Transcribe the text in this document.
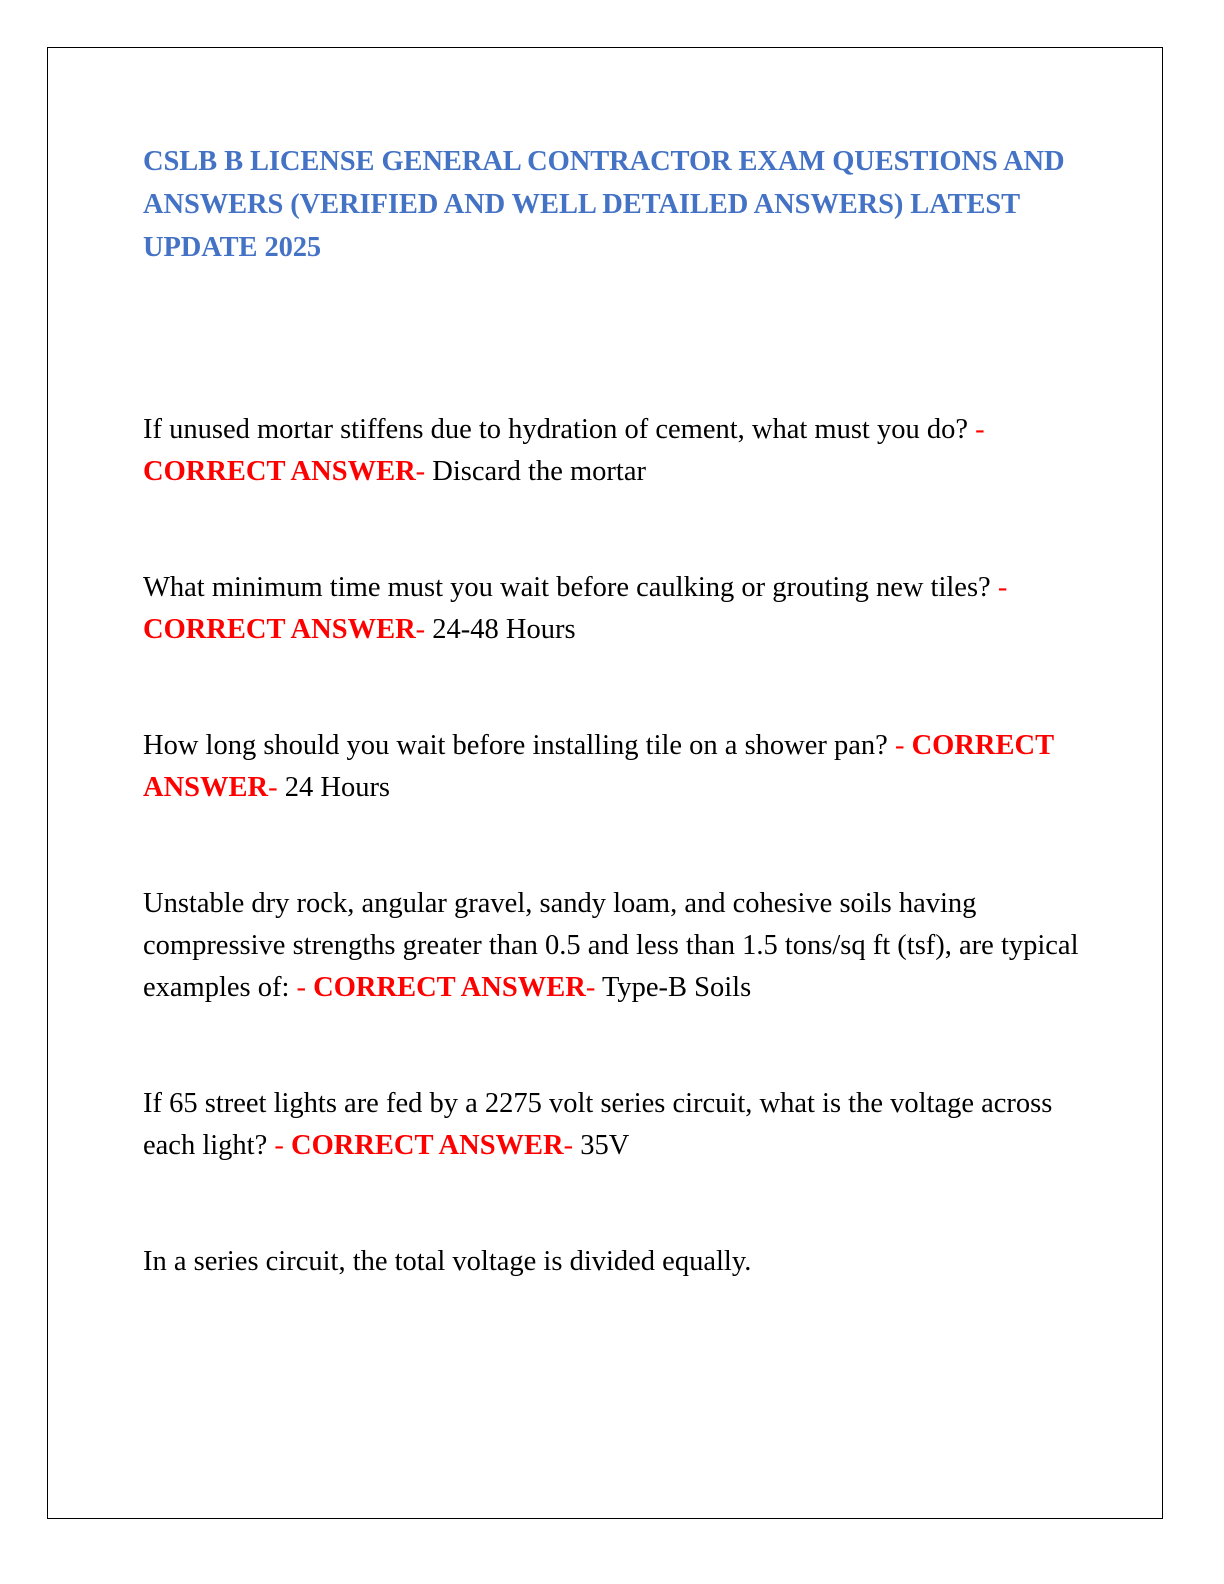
CSLB B LICENSE GENERAL CONTRACTOR EXAM QUESTIONS AND ANSWERS (VERIFIED AND WELL DETAILED ANSWERS) LATEST UPDATE 2025

If unused mortar stiffens due to hydration of cement, what must you do? - CORRECT ANSWER- Discard the mortar

What minimum time must you wait before caulking or grouting new tiles? - CORRECT ANSWER- 24-48 Hours

How long should you wait before installing tile on a shower pan? - CORRECT ANSWER- 24 Hours

Unstable dry rock, angular gravel, sandy loam, and cohesive soils having compressive strengths greater than 0.5 and less than 1.5 tons/sq ft (tsf), are typical examples of: - CORRECT ANSWER- Type-B Soils

If 65 street lights are fed by a 2275 volt series circuit, what is the voltage across each light? - CORRECT ANSWER- 35V

In a series circuit, the total voltage is divided equally.
